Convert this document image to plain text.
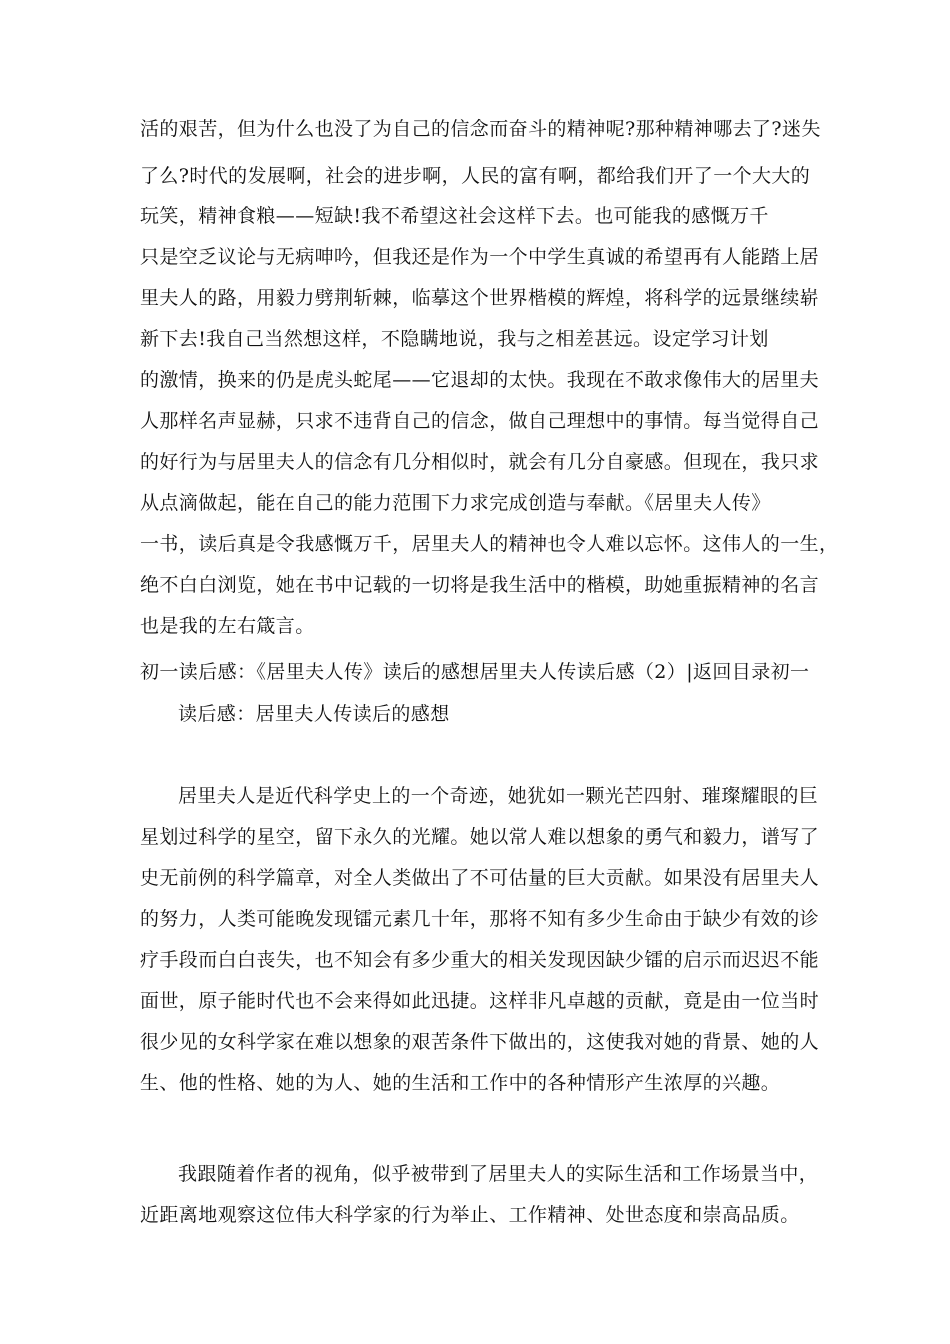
活的艰苦，但为什么也没了为自己的信念而奋斗的精神呢?那种精神哪去了?迷失
了么?时代的发展啊，社会的进步啊，人民的富有啊，都给我们开了一个大大的
玩笑，精神食粮——短缺!我不希望这社会这样下去。也可能我的感慨万千
只是空乏议论与无病呻吟，但我还是作为一个中学生真诚的希望再有人能踏上居
里夫人的路，用毅力劈荆斩棘，临摹这个世界楷模的辉煌，将科学的远景继续崭
新下去!我自己当然想这样，不隐瞒地说，我与之相差甚远。设定学习计划
的激情，换来的仍是虎头蛇尾——它退却的太快。我现在不敢求像伟大的居里夫
人那样名声显赫，只求不违背自己的信念，做自己理想中的事情。每当觉得自己
的好行为与居里夫人的信念有几分相似时，就会有几分自豪感。但现在，我只求
从点滴做起，能在自己的能力范围下力求完成创造与奉献。《居里夫人传》
一书，读后真是令我感慨万千，居里夫人的精神也令人难以忘怀。这伟人的一生，
绝不白白浏览，她在书中记载的一切将是我生活中的楷模，助她重振精神的名言
也是我的左右箴言。
初一读后感：《居里夫人传》读后的感想居里夫人传读后感（2）|返回目录初一
读后感：居里夫人传读后的感想
居里夫人是近代科学史上的一个奇迹，她犹如一颗光芒四射、璀璨耀眼的巨
星划过科学的星空，留下永久的光耀。她以常人难以想象的勇气和毅力，谱写了
史无前例的科学篇章，对全人类做出了不可估量的巨大贡献。如果没有居里夫人
的努力，人类可能晚发现镭元素几十年，那将不知有多少生命由于缺少有效的诊
疗手段而白白丧失，也不知会有多少重大的相关发现因缺少镭的启示而迟迟不能
面世，原子能时代也不会来得如此迅捷。这样非凡卓越的贡献，竟是由一位当时
很少见的女科学家在难以想象的艰苦条件下做出的，这使我对她的背景、她的人
生、他的性格、她的为人、她的生活和工作中的各种情形产生浓厚的兴趣。
我跟随着作者的视角，似乎被带到了居里夫人的实际生活和工作场景当中，
近距离地观察这位伟大科学家的行为举止、工作精神、处世态度和崇高品质。
